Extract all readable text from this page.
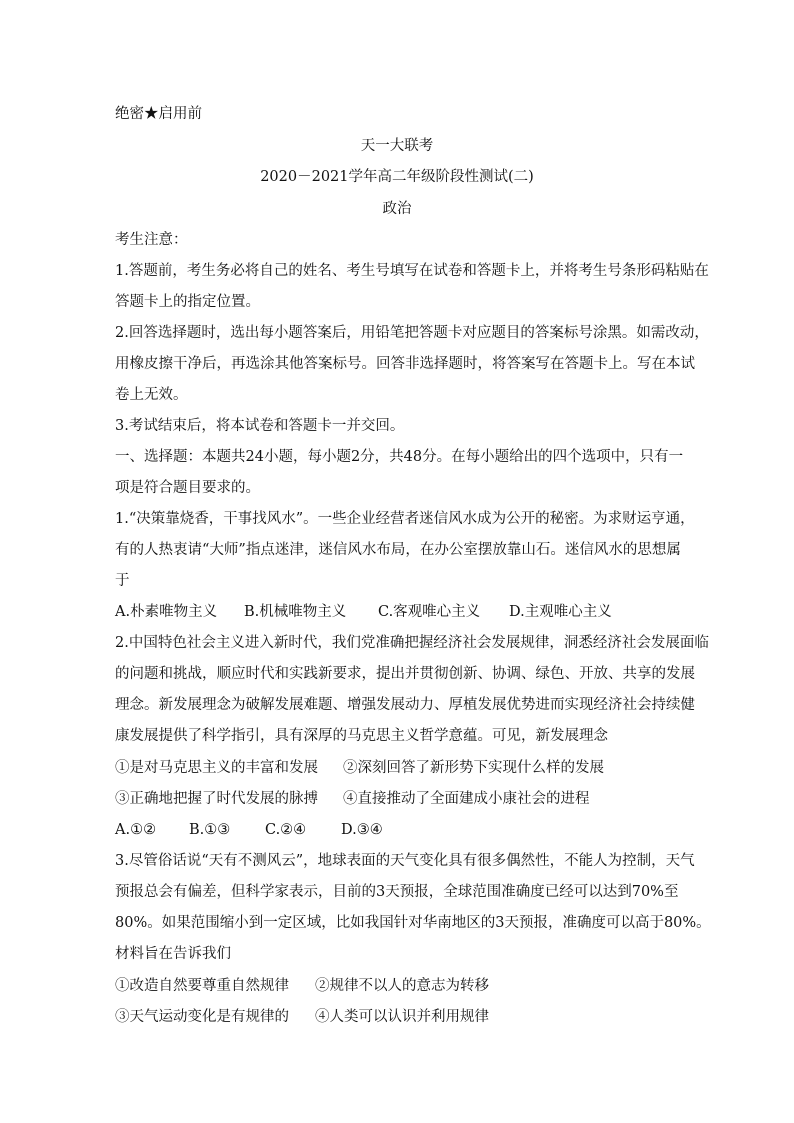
绝密★启用前
天一大联考
2020－2021学年高二年级阶段性测试(二)
政治
考生注意：
1.答题前，考生务必将自己的姓名、考生号填写在试卷和答题卡上，并将考生号条形码粘贴在
答题卡上的指定位置。
2.回答选择题时，选出每小题答案后，用铅笔把答题卡对应题目的答案标号涂黑。如需改动，
用橡皮擦干净后，再选涂其他答案标号。回答非选择题时，将答案写在答题卡上。写在本试
卷上无效。
3.考试结束后，将本试卷和答题卡一并交回。
一、选择题：本题共24小题，每小题2分，共48分。在每小题给出的四个选项中，只有一
项是符合题目要求的。
1.“决策靠烧香，干事找风水”。一些企业经营者迷信风水成为公开的秘密。为求财运亨通，
有的人热衷请“大师”指点迷津，迷信风水布局，在办公室摆放靠山石。迷信风水的思想属
于
A.朴素唯物主义 B.机械唯物主义 C.客观唯心主义 D.主观唯心主义
2.中国特色社会主义进入新时代，我们党准确把握经济社会发展规律，洞悉经济社会发展面临
的问题和挑战，顺应时代和实践新要求，提出并贯彻创新、协调、绿色、开放、共享的发展
理念。新发展理念为破解发展难题、增强发展动力、厚植发展优势进而实现经济社会持续健
康发展提供了科学指引，具有深厚的马克思主义哲学意蕴。可见，新发展理念
①是对马克思主义的丰富和发展 ②深刻回答了新形势下实现什么样的发展
③正确地把握了时代发展的脉搏 ④直接推动了全面建成小康社会的进程
A.①② B.①③ C.②④ D.③④
3.尽管俗话说“天有不测风云”，地球表面的天气变化具有很多偶然性，不能人为控制，天气
预报总会有偏差，但科学家表示，目前的3天预报，全球范围准确度已经可以达到70%至
80%。如果范围缩小到一定区域，比如我国针对华南地区的3天预报，准确度可以高于80%。
材料旨在告诉我们
①改造自然要尊重自然规律 ②规律不以人的意志为转移
③天气运动变化是有规律的 ④人类可以认识并利用规律
